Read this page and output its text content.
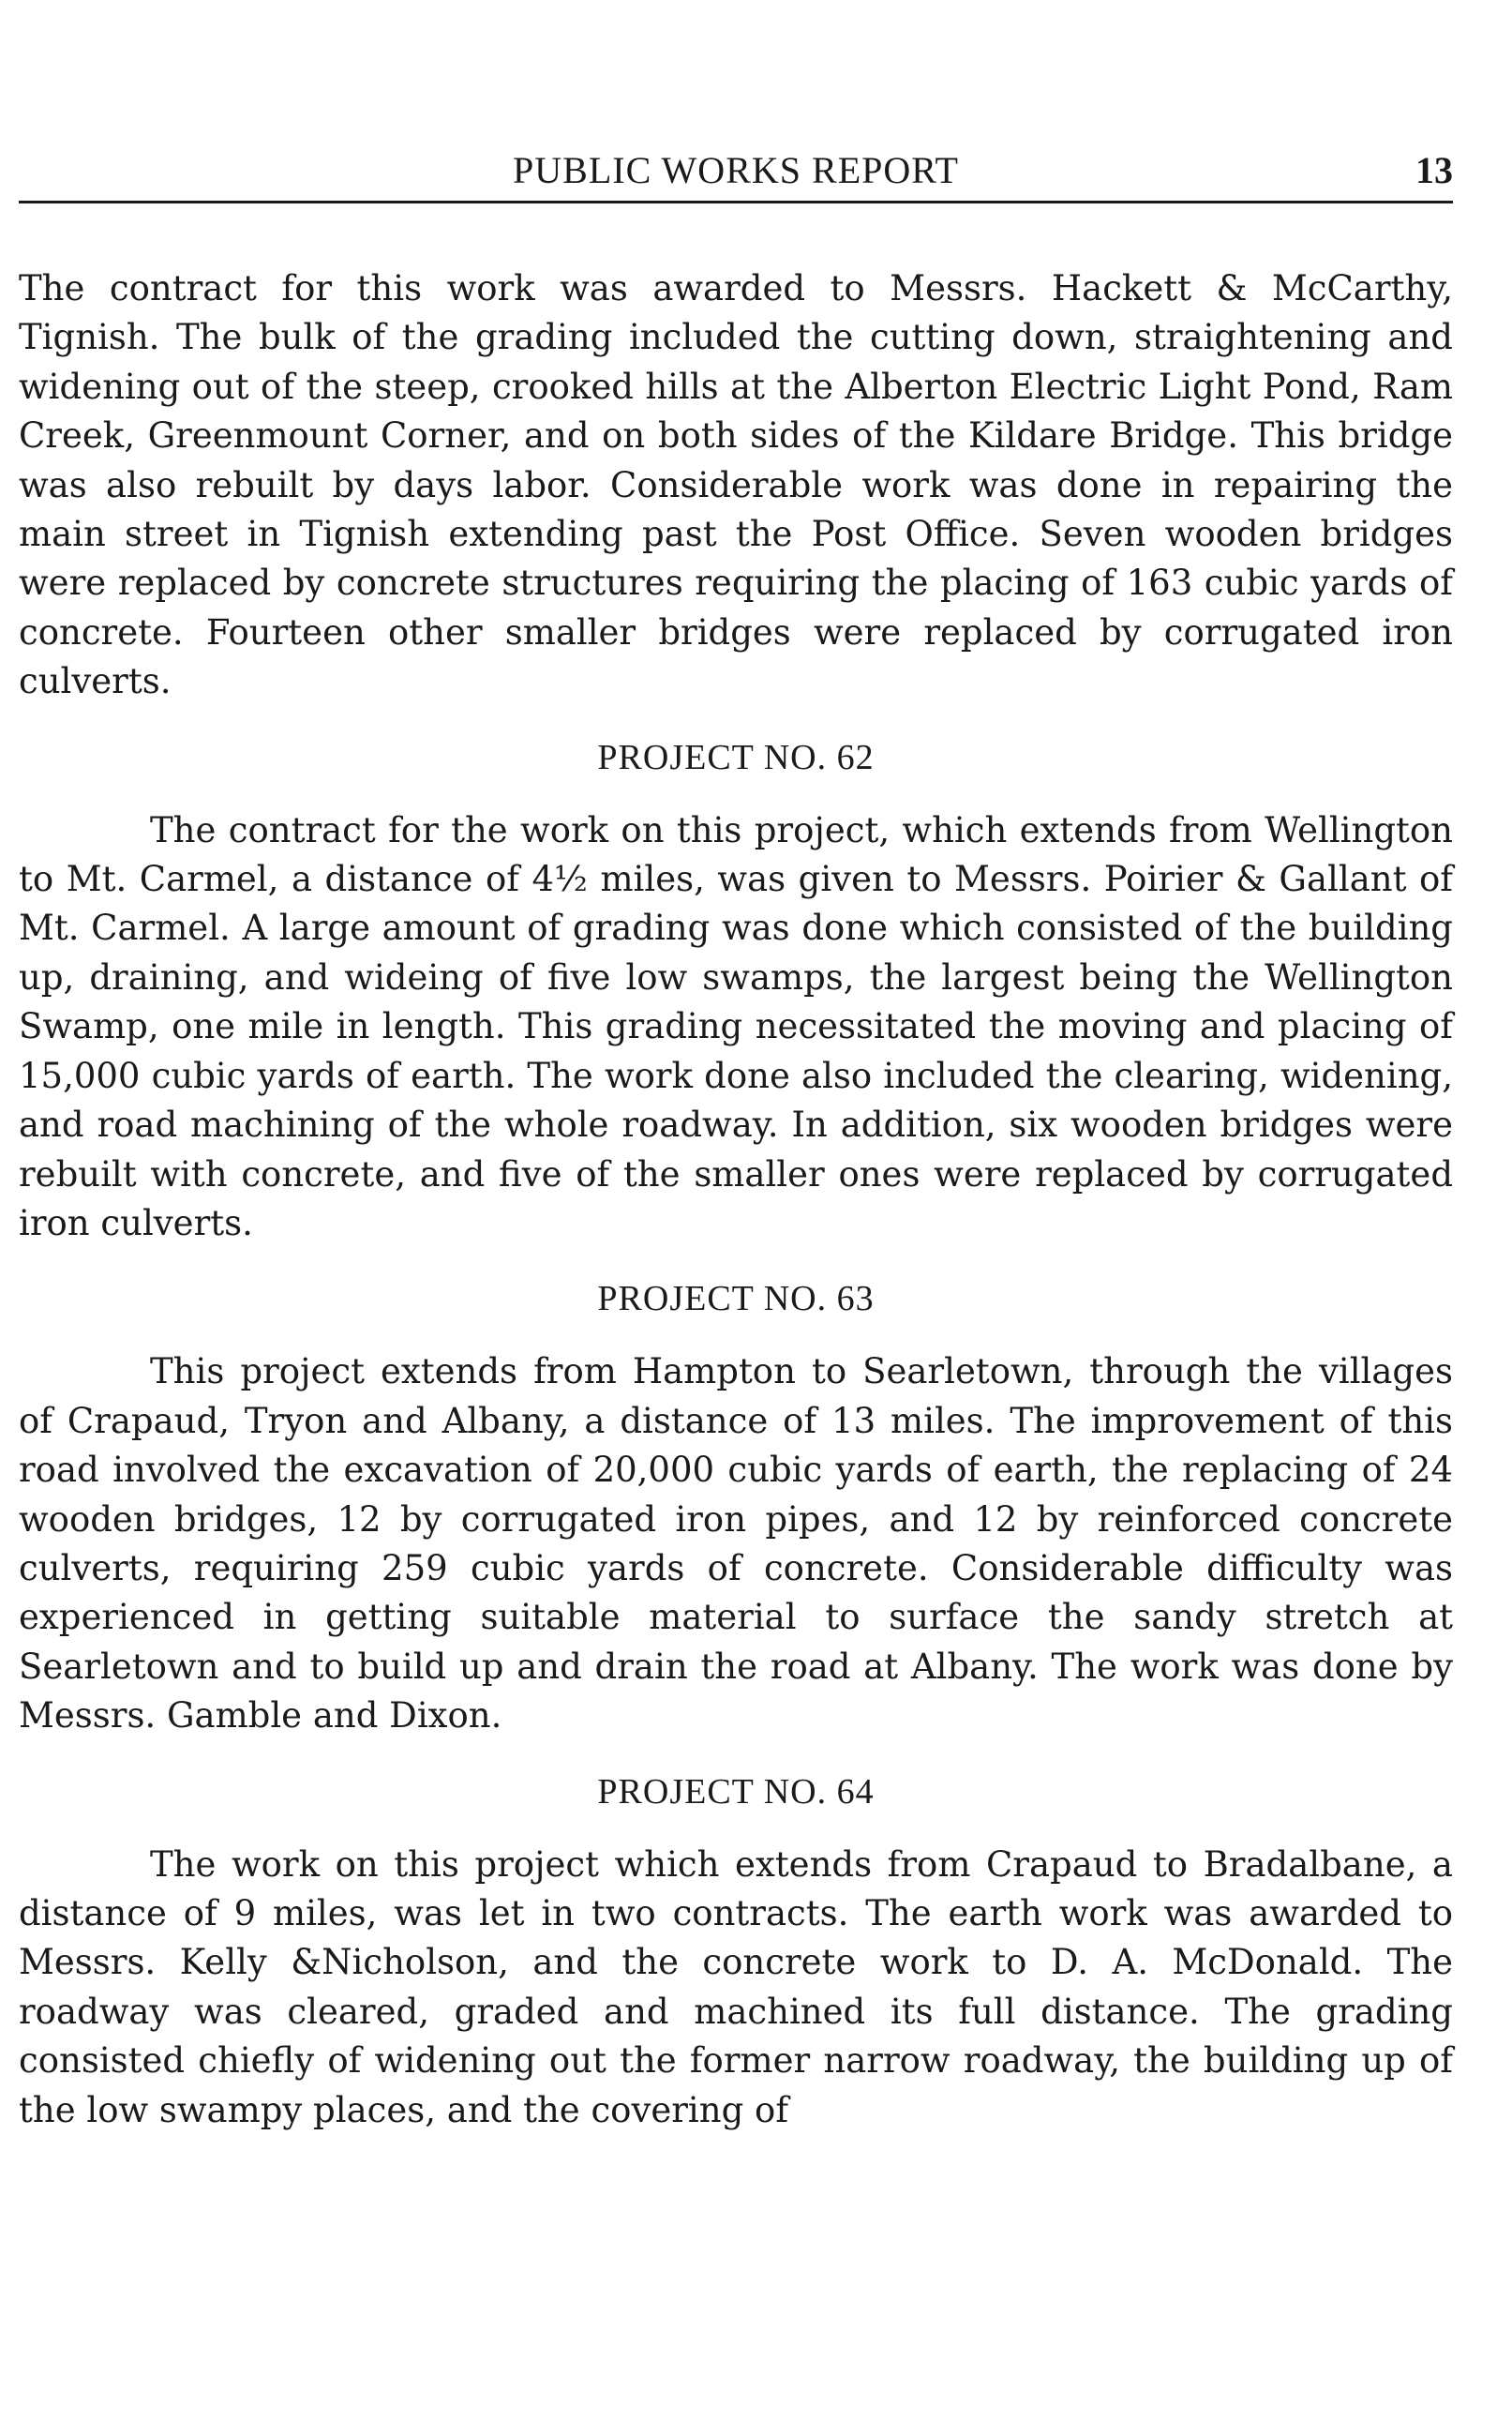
PUBLIC WORKS REPORT	13

The contract for this work was awarded to Messrs. Hackett & McCarthy, Tignish. The bulk of the grading included the cutting down, straightening and widening out of the steep, crooked hills at the Alberton Electric Light Pond, Ram Creek, Greenmount Corner, and on both sides of the Kildare Bridge. This bridge was also rebuilt by days labor. Considerable work was done in repairing the main street in Tignish extending past the Post Office. Seven wooden bridges were replaced by concrete structures requiring the placing of 163 cubic yards of concrete. Fourteen other smaller bridges were replaced by corrugated iron culverts.

PROJECT NO. 62

The contract for the work on this project, which extends from Wellington to Mt. Carmel, a distance of 4½ miles, was given to Messrs. Poirier & Gallant of Mt. Carmel. A large amount of grading was done which consisted of the building up, draining, and wideing of five low swamps, the largest being the Wellington Swamp, one mile in length. This grading necessitated the moving and placing of 15,000 cubic yards of earth. The work done also included the clearing, widening, and road machining of the whole roadway. In addition, six wooden bridges were rebuilt with concrete, and five of the smaller ones were replaced by corrugated iron culverts.

PROJECT NO. 63

This project extends from Hampton to Searletown, through the villages of Crapaud, Tryon and Albany, a distance of 13 miles. The improvement of this road involved the excavation of 20,000 cubic yards of earth, the replacing of 24 wooden bridges, 12 by corrugated iron pipes, and 12 by reinforced concrete culverts, requiring 259 cubic yards of concrete. Considerable difficulty was experienced in getting suitable material to surface the sandy stretch at Searletown and to build up and drain the road at Albany. The work was done by Messrs. Gamble and Dixon.

PROJECT NO. 64

The work on this project which extends from Crapaud to Bradalbane, a distance of 9 miles, was let in two contracts. The earth work was awarded to Messrs. Kelly &Nicholson, and the concrete work to D. A. McDonald. The roadway was cleared, graded and machined its full distance. The grading consisted chiefly of widening out the former narrow roadway, the building up of the low swampy places, and the covering of
